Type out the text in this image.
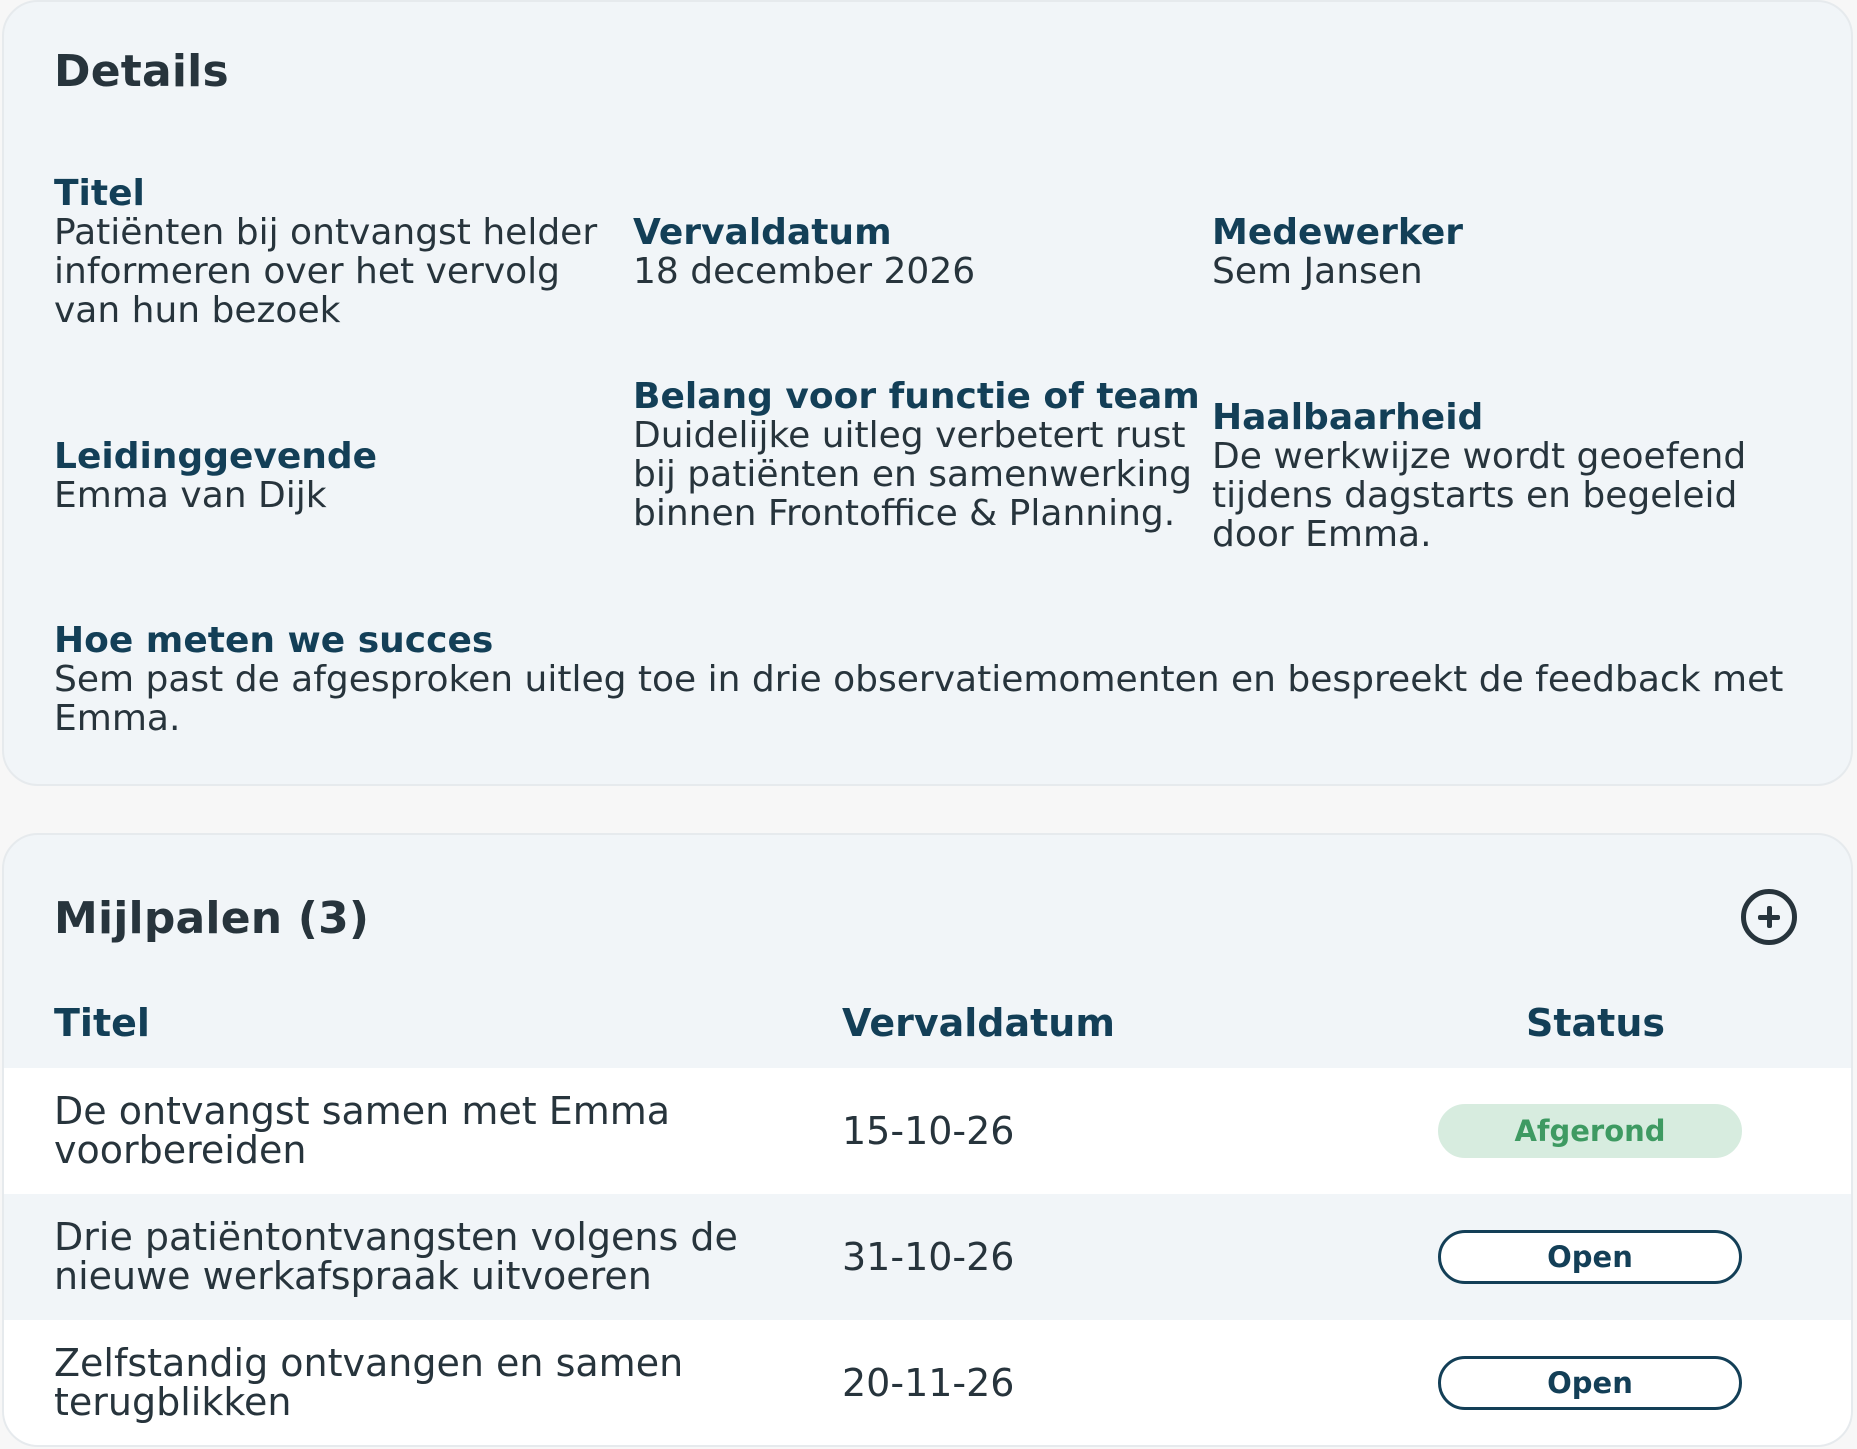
Details
Titel
Patiënten bij ontvangst helder informeren over het vervolg van hun bezoek
Vervaldatum
18 december 2026
Medewerker
Sem Jansen
Leidinggevende
Emma van Dijk
Belang voor functie of team
Duidelijke uitleg verbetert rust bij patiënten en samenwerking binnen Frontoffice & Planning.
Haalbaarheid
De werkwijze wordt geoefend tijdens dagstarts en begeleid door Emma.
Hoe meten we succes
Sem past de afgesproken uitleg toe in drie observatiemomenten en bespreekt de feedback met Emma.
Mijlpalen (3)
Titel	Vervaldatum	Status
De ontvangst samen met Emma voorbereiden	15-10-26	Afgerond
Drie patiëntontvangsten volgens de nieuwe werkafspraak uitvoeren	31-10-26	Open
Zelfstandig ontvangen en samen terugblikken	20-11-26	Open
